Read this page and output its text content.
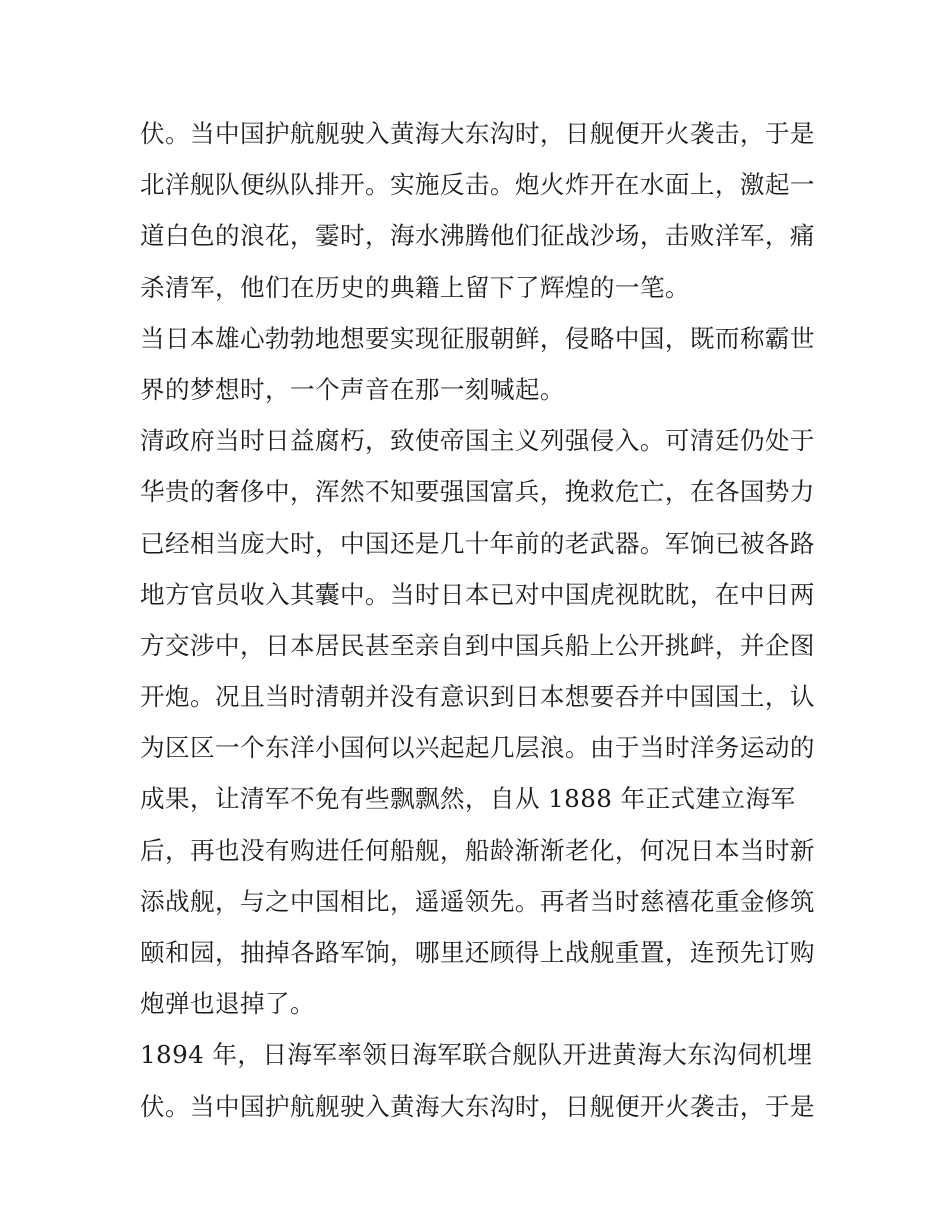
伏。当中国护航舰驶入黄海大东沟时，日舰便开火袭击，于是
北洋舰队便纵队排开。实施反击。炮火炸开在水面上，激起一
道白色的浪花，霎时，海水沸腾他们征战沙场，击败洋军，痛
杀清军，他们在历史的典籍上留下了辉煌的一笔。
当日本雄心勃勃地想要实现征服朝鲜，侵略中国，既而称霸世
界的梦想时，一个声音在那一刻喊起。
清政府当时日益腐朽，致使帝国主义列强侵入。可清廷仍处于
华贵的奢侈中，浑然不知要强国富兵，挽救危亡，在各国势力
已经相当庞大时，中国还是几十年前的老武器。军饷已被各路
地方官员收入其囊中。当时日本已对中国虎视眈眈，在中日两
方交涉中，日本居民甚至亲自到中国兵船上公开挑衅，并企图
开炮。况且当时清朝并没有意识到日本想要吞并中国国土，认
为区区一个东洋小国何以兴起起几层浪。由于当时洋务运动的
成果，让清军不免有些飘飘然，自从 1888 年正式建立海军
后，再也没有购进任何船舰，船龄渐渐老化，何况日本当时新
添战舰，与之中国相比，遥遥领先。再者当时慈禧花重金修筑
颐和园，抽掉各路军饷，哪里还顾得上战舰重置，连预先订购
炮弹也退掉了。
1894 年，日海军率领日海军联合舰队开进黄海大东沟伺机埋
伏。当中国护航舰驶入黄海大东沟时，日舰便开火袭击，于是
